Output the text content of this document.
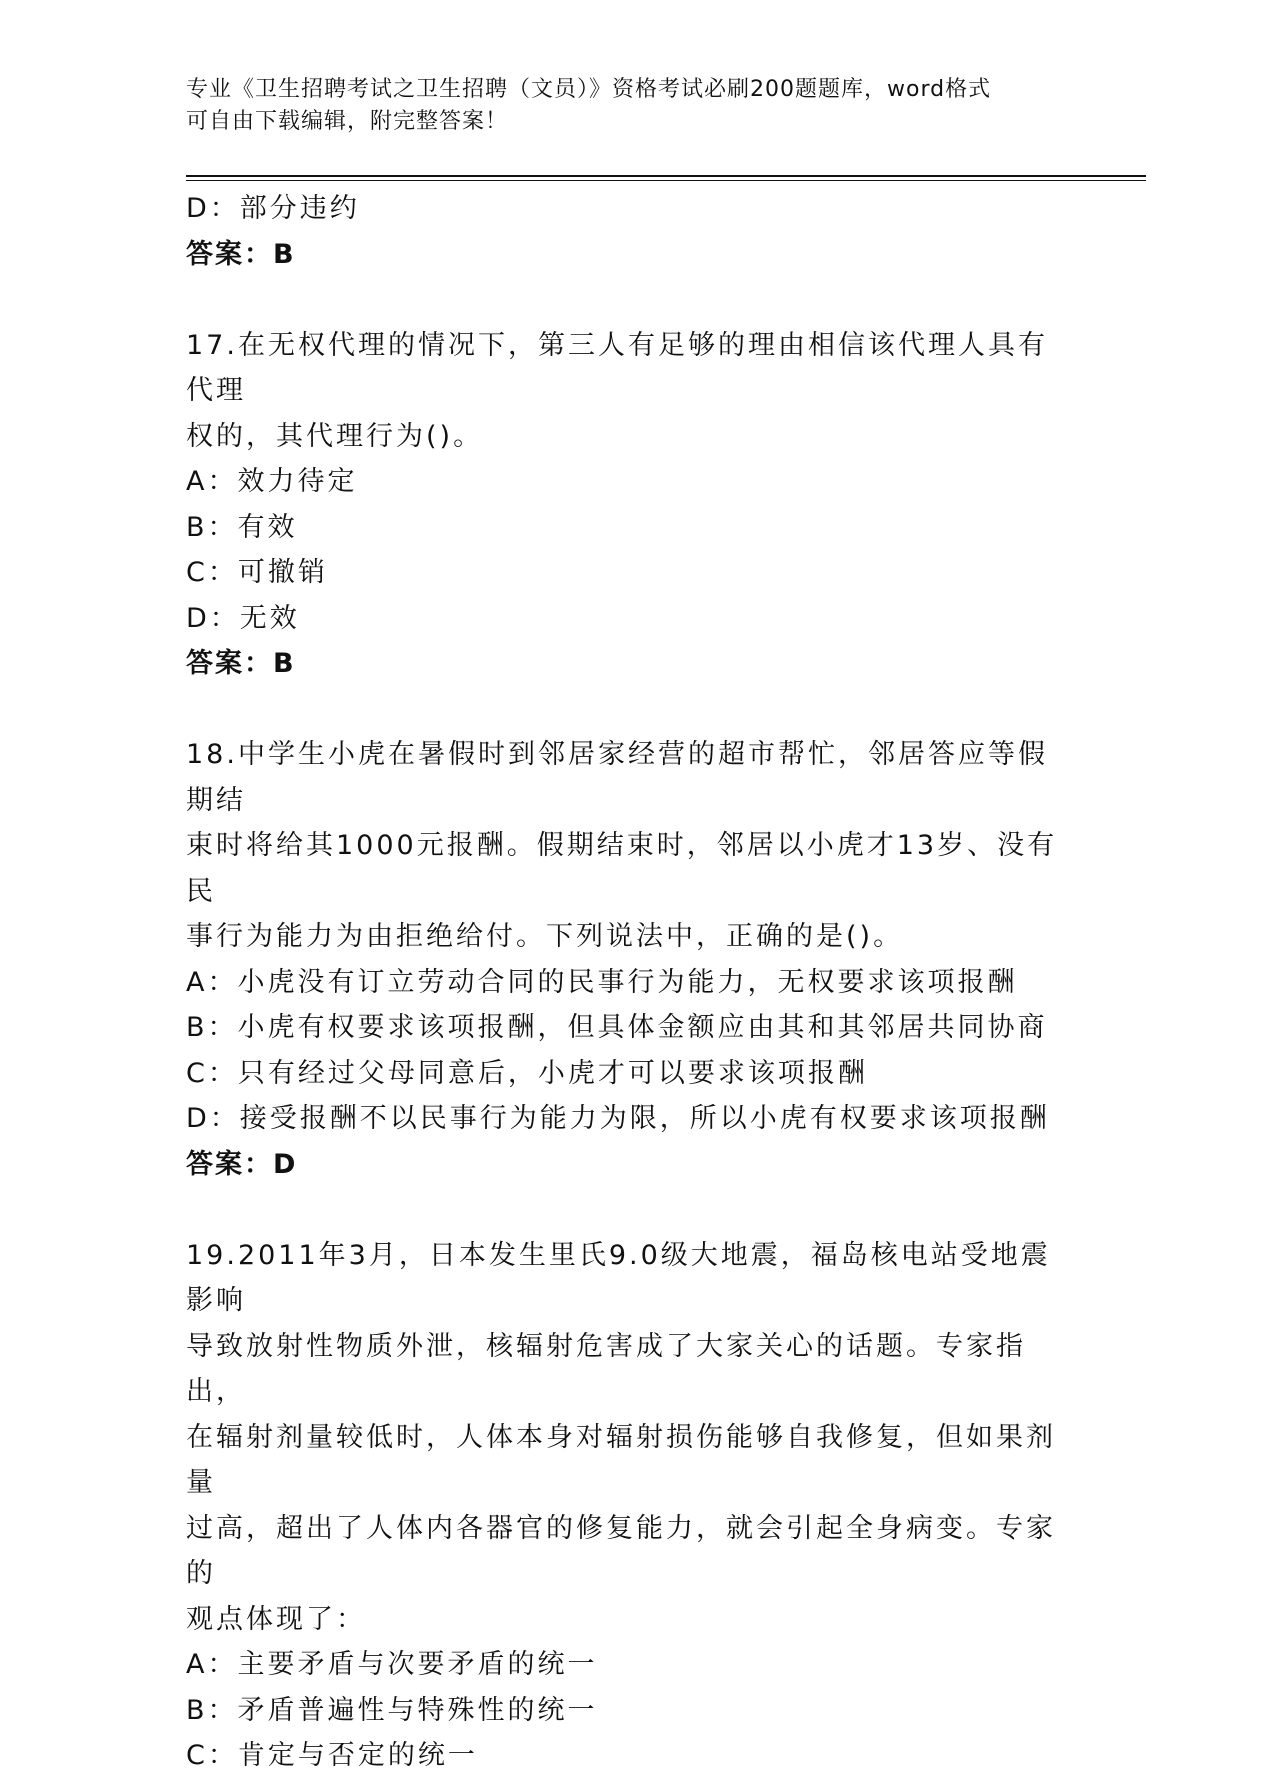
专业《卫生招聘考试之卫生招聘（文员）》资格考试必刷200题题库，word格式
可自由下载编辑，附完整答案！
D：部分违约
答案：B
17.在无权代理的情况下，第三人有足够的理由相信该代理人具有代理
权的，其代理行为()。
A：效力待定
B：有效
C：可撤销
D：无效
答案：B
18.中学生小虎在暑假时到邻居家经营的超市帮忙，邻居答应等假期结
束时将给其1000元报酬。假期结束时，邻居以小虎才13岁、没有民
事行为能力为由拒绝给付。下列说法中，正确的是()。
A：小虎没有订立劳动合同的民事行为能力，无权要求该项报酬
B：小虎有权要求该项报酬，但具体金额应由其和其邻居共同协商
C：只有经过父母同意后，小虎才可以要求该项报酬
D：接受报酬不以民事行为能力为限，所以小虎有权要求该项报酬
答案：D
19.2011年3月，日本发生里氏9.0级大地震，福岛核电站受地震影响
导致放射性物质外泄，核辐射危害成了大家关心的话题。专家指出，
在辐射剂量较低时，人体本身对辐射损伤能够自我修复，但如果剂量
过高，超出了人体内各器官的修复能力，就会引起全身病变。专家的
观点体现了：
A：主要矛盾与次要矛盾的统一
B：矛盾普遍性与特殊性的统一
C：肯定与否定的统一
